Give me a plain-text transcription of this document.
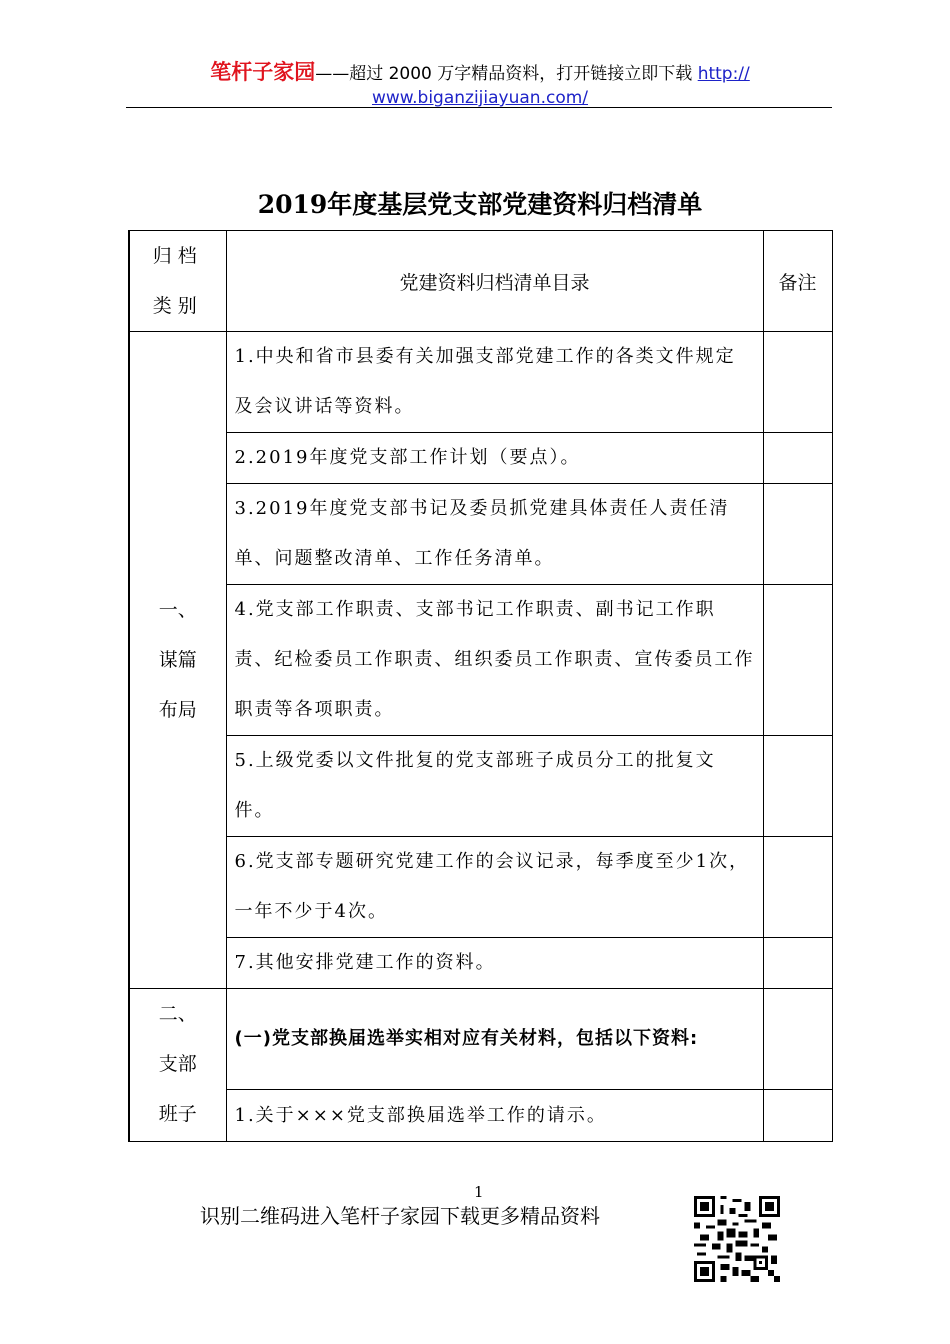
笔杆子家园——超过 2000 万字精品资料，打开链接立即下载 http://
www.biganzijiayuan.com/
2019年度基层党支部党建资料归档清单
归档
类别	党建资料归档清单目录	备注

一、
谋篇
布局	1.中央和省市县委有关加强支部党建工作的各类文件规定及会议讲话等资料。	
	2.2019年度党支部工作计划（要点）。	
	3.2019年度党支部书记及委员抓党建具体责任人责任清单、问题整改清单、工作任务清单。	
	4.党支部工作职责、支部书记工作职责、副书记工作职责、纪检委员工作职责、组织委员工作职责、宣传委员工作职责等各项职责。	
	5.上级党委以文件批复的党支部班子成员分工的批复文件。	
	6.党支部专题研究党建工作的会议记录，每季度至少1次，一年不少于4次。	
	7.其他安排党建工作的资料。	

二、
支部
班子	(一)党支部换届选举实相对应有关材料，包括以下资料:	
	1.关于×××党支部换届选举工作的请示。	
1
识别二维码进入笔杆子家园下载更多精品资料
